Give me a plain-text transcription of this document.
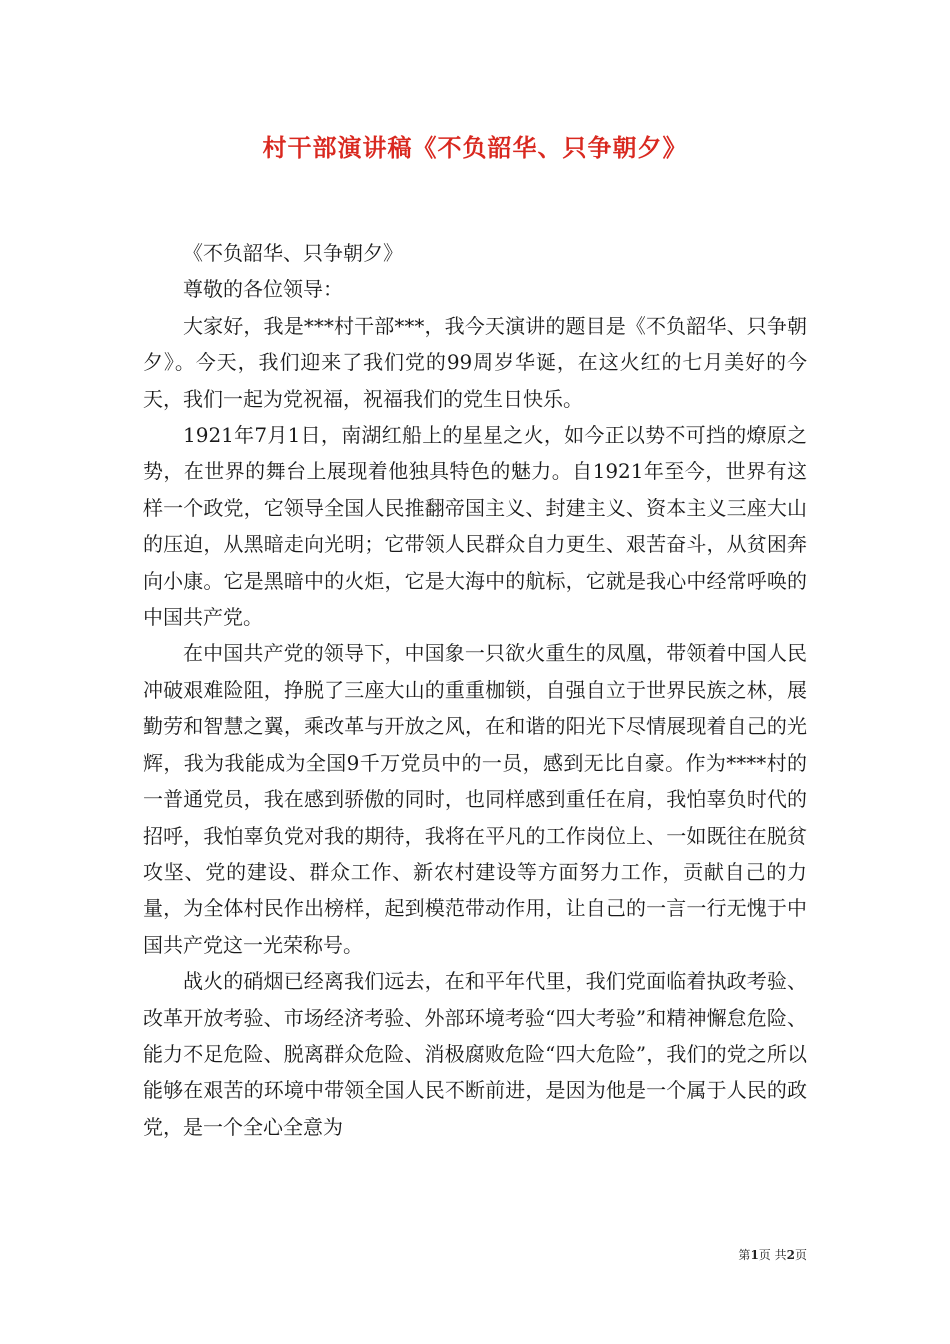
村干部演讲稿《不负韶华、只争朝夕》

《不负韶华、只争朝夕》

尊敬的各位领导：

大家好，我是***村干部***，我今天演讲的题目是《不负韶华、只争朝夕》。今天，我们迎来了我们党的99周岁华诞，在这火红的七月美好的今天，我们一起为党祝福，祝福我们的党生日快乐。

1921年7月1日，南湖红船上的星星之火，如今正以势不可挡的燎原之势，在世界的舞台上展现着他独具特色的魅力。自1921年至今，世界有这样一个政党，它领导全国人民推翻帝国主义、封建主义、资本主义三座大山的压迫，从黑暗走向光明；它带领人民群众自力更生、艰苦奋斗，从贫困奔向小康。它是黑暗中的火炬，它是大海中的航标，它就是我心中经常呼唤的中国共产党。

在中国共产党的领导下，中国象一只欲火重生的凤凰，带领着中国人民冲破艰难险阻，挣脱了三座大山的重重枷锁，自强自立于世界民族之林，展勤劳和智慧之翼，乘改革与开放之风，在和谐的阳光下尽情展现着自己的光辉，我为我能成为全国9千万党员中的一员，感到无比自豪。作为****村的一普通党员，我在感到骄傲的同时，也同样感到重任在肩，我怕辜负时代的招呼，我怕辜负党对我的期待，我将在平凡的工作岗位上、一如既往在脱贫攻坚、党的建设、群众工作、新农村建设等方面努力工作，贡献自己的力量，为全体村民作出榜样，起到模范带动作用，让自己的一言一行无愧于中国共产党这一光荣称号。

战火的硝烟已经离我们远去，在和平年代里，我们党面临着执政考验、改革开放考验、市场经济考验、外部环境考验“四大考验”和精神懈怠危险、能力不足危险、脱离群众危险、消极腐败危险“四大危险”，我们的党之所以能够在艰苦的环境中带领全国人民不断前进，是因为他是一个属于人民的政党，是一个全心全意为

第1页 共2页
